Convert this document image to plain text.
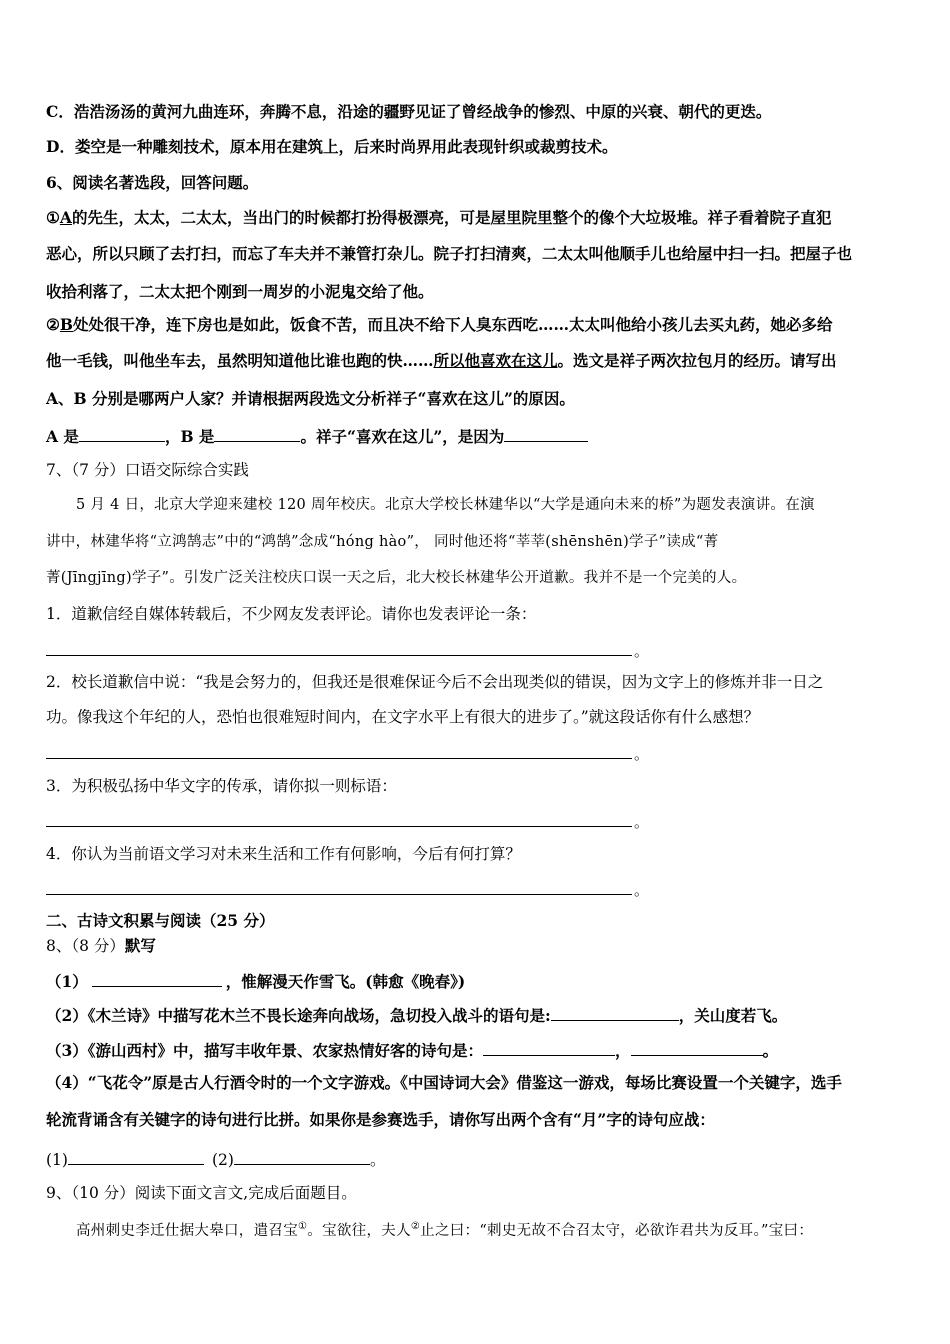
C．浩浩汤汤的黄河九曲连环，奔腾不息，沿途的疆野见证了曾经战争的惨烈、中原的兴衰、朝代的更迭。
D．娄空是一种雕刻技术，原本用在建筑上，后来时尚界用此表现针织或裁剪技术。
6、阅读名著选段，回答问题。
①A的先生，太太，二太太，当出门的时候都打扮得极漂亮，可是屋里院里整个的像个大垃圾堆。祥子看着院子直犯
恶心，所以只顾了去打扫，而忘了车夫并不兼管打杂儿。院子打扫清爽，二太太叫他顺手儿也给屋中扫一扫。把屋子也
收拾利落了，二太太把个刚到一周岁的小泥鬼交给了他。
②B处处很干净，连下房也是如此，饭食不苦，而且决不给下人臭东西吃……太太叫他给小孩儿去买丸药，她必多给
他一毛钱，叫他坐车去，虽然明知道他比谁也跑的快……所以他喜欢在这儿。选文是祥子两次拉包月的经历。请写出
A、B 分别是哪两户人家？并请根据两段选文分析祥子“喜欢在这儿”的原因。
A 是	，B 是	。祥子“喜欢在这儿”，是因为
7、（7 分）口语交际综合实践
5 月 4 日，北京大学迎来建校 120 周年校庆。北京大学校长林建华以“大学是通向未来的桥”为题发表演讲。在演
讲中，林建华将“立鸿鹄志”中的“鸿鹄”念成“hóng hào”， 同时他还将“莘莘(shēnshēn)学子”读成“菁
菁(Jīngjīng)学子”。引发广泛关注校庆口误一天之后，北大校长林建华公开道歉。我并不是一个完美的人。
1．道歉信经自媒体转载后，不少网友发表评论。请你也发表评论一条：
。
2．校长道歉信中说：“我是会努力的，但我还是很难保证今后不会出现类似的错误，因为文字上的修炼并非一日之
功。像我这个年纪的人，恐怕也很难短时间内，在文字水平上有很大的进步了。”就这段话你有什么感想？
。
3．为积极弘扬中华文字的传承，请你拟一则标语：
。
4．你认为当前语文学习对未来生活和工作有何影响，今后有何打算？
。
二、古诗文积累与阅读（25 分）
8、（8 分）默写
（1）	，惟解漫天作雪飞。(韩愈《晚春》)
（2）《木兰诗》中描写花木兰不畏长途奔向战场，急切投入战斗的语句是:	，关山度若飞。
（3）《游山西村》中，描写丰收年景、农家热情好客的诗句是：	，	。
（4）“飞花令”原是古人行酒令时的一个文字游戏。《中国诗词大会》借鉴这一游戏，每场比赛设置一个关键字，选手
轮流背诵含有关键字的诗句进行比拼。如果你是参赛选手，请你写出两个含有“月”字的诗句应战：
(1)	(2)	。
9、（10 分）阅读下面文言文,完成后面题目。
高州刺史李迁仕据大皋口，遣召宝①。宝欲往，夫人②止之曰：“刺史无故不合召太守，必欲诈君共为反耳。”宝曰：
